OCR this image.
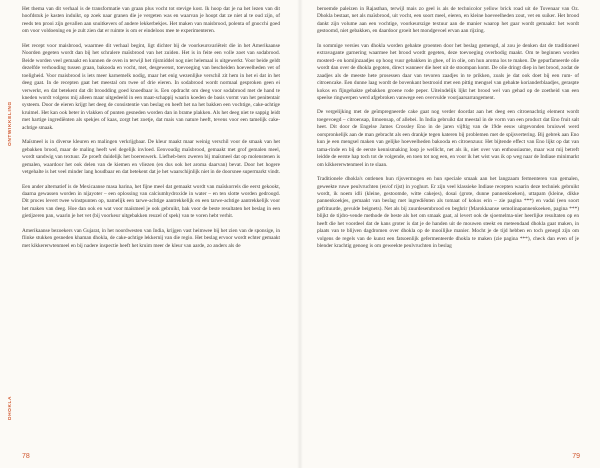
ONTWIKKELING
DHOKLA

Het thema van dit verhaal is de transformatie van graan plus vocht tot stevige kost. Ik hoop dat je na het lezen van dit hoofdstuk je kasten induikt, op zoek naar granen die je vergeten was en waarvan je hoopt dat ze niet al te oud zijn, of reeds ten prooi zijn gevallen aan snuitkevers of andere lekkerbekjes. Het maken van maisbrood, polenta of gnocchi goed om voor voldoening en je zult zien dat er ruimte is om er eindeloos mee te experimenteren.

Het recept voor maisbrood, waarmee dit verhaal begint, ligt dichter bij de voorkeursvariëteit die in het Amerikaanse Noorden gegeten wordt dan bij het schralere maïsbrood van het zuiden. Het is in feite een volle zoet van sodabrood. Beide worden veel gemaakt en kunnen de oven in terwijl het rijsmiddel nog niet helemaal is uitgewerkt. Voor beide geldt dezelfde verhouding tussen graan, bakooda en vocht, met, desgewenst, toevoeging van bescheiden hoeveelheden vet of toeligheid. Voor maisbrood is iets meer karnemelk nodig, maar het enig wezenlijke verschil zit hem in het ei dat in het deeg gaat. In de recepten gaat het meestal om twee of drie eieren. In sodabrood wordt normaal gesproken geen ei verwerkt, en dat betekent dat dit broodding goed knoedbaar is. Een opdracht om deeg voor sodabrood met de hand te kneden wordt volgens mij alleen maar uitgedeeld in een maat-schappij waarin koeden de basis vormt van het penitentair systeem. Door de eieren krijgt het deeg de consistentie van beslag en heeft het na het bakken een vochtige, cake-achtige kruimel. Het kan ook beter in vlakken of punten gesneden worden dan in brame plakken. Als het deeg niet te sappig leidt met hartige ingrediënten als spekjes of kaas, zorgt het zoetje, dat mais van nature heeft, tevens voor een tamelijk cake-achtige smaak.

Maïsmeel is in diverse kleuren en malingen verkrijgbaar. De kleur maakt maar weinig verschil voor de smaak van het gebakken brood, maar de maling heeft wel degelijk invloed. Eenvoudig maïsbrood, gemaakt met grof gemalen meel, wordt sandwig van textuur. Ze proeft duidelijk het boerenwerk. Liefheb-bers zweren bij maïsmeel dat op molenstenen is gemalen, waardoor het ook delen van de kiemen en vliezen (en dus ook het aroma daarvan) bevat. Door het hogere vetgehalte is het veel minder lang houdbaar en dat betekent dat je het waarschijnlijk niet in de doorsnee supermarkt vindt.

Een ander alternatief is de Mexicaanse masa harina, het fijne meel dat gemaakt wordt van maïskorrels die eerst gekookt, daarna gewassen worden in nijayoter – een oplossing van calciumhydroxide in water – en ten slotte worden gedroogd. Dit proces levert twee winstpunten op, namelijk een tarwe-achtige aantrekkelijk en een tarwe-achtige aantrekkelijk voor het maken van deeg. Hoe dan ook en wat voor maïsmeel je ook gebruikt, bak voor de beste resultaten het beslag in een gietijzeren pan, waarin je het vet (bij voorkeur uitgebakken reuzel of spek) van te voren hebt verhit.

Amerikaanse bezoekers van Gujarat, in het noordwesten van India, krijgen vast heimwee bij het zien van de sponsige, in flinke stukken gesneden khaman dhokla, de cake-achtige lekkernij van die regio. Het beslag ervoor wordt echter gemaakt met kikkererwtenmeel en bij nadere inspectie heeft het kruim meer de kleur van aarde, zo anders als de

78

beroemde paleizen in Rajasthan, terwijl mais zo geel is als de technicolor yellow brick road uit de Tovenaar van Oz. Dhokla bestaat, net als maïsbrood, uit vocht, een soort meel, eieren, en kleine hoeveelheden zout, vet en suiker. Het brood dankt zijn volume aan een vochtige, voorkeurszige textuur aan de manier waarop het gaar wordt gemaakt: het wordt gestoomd, niet gebakken, en daardoor groeit het mondgevoel ervan aan rijzing.

In sommige versies van dhokla worden gehakte groenten door het beslag gemengd, al zou je denken dat de traditioneel extravagante garnering waarmee het brood wordt gegeten, deze toevoeging overbodig maakt. Om te beginnen worden mosterd- en komijnzaadjes op hoog vuur gebakken in ghee, of in olie, om hun aroma los te maken. De gepurfameerde olie wordt dan over de dhokla gegoten, direct wanneer die heet uit de stoompan komt. De olie dringt diep in het brood, zodat de zaadjes als de meeste hete prosessen daar van tevoren zaadjes in te prikken, zoals je dat ook doet bij een rum- of citroencake. Een dunne laag wordt de bovenkant bestrooid met een pittig mengsel van gehakte korianderblaadjes, geraspte kokos en fijngehakte gebakken groene rode peper. Uiteindelijk lijkt het brood wel van gehad op de zoetheid van een speelse ringwerpen werd afgebroken vanwege een overvulde voorjaarsarrangement.

De vergelijking met de geïmpregneerde cake gaat nog verder doordat aan het deeg een citroenachtig element wordt toegevoegd – citroensap, limoensap, of allebei. In India gebruikt dat meestal in de vorm van een product dat Eno fruit salt heet. Dit door de Engelse James Crossley Eno in de jaren vijftig van de 19de eeuw uitgevonden bruiswel werd oorspronkelijk aan de man gebracht als een drankje tegen kateren bij problemen met de spijsvertering. Bij gebrek aan Eno kun je een mengsel maken van gelijke hoeveelheden bakooda en citroenzuur. Het bijtende effect van Eno lijkt op dat van tama-rinde en bij de eerste kennismaking loop je wellicht, net als ik, niet over van enthousiasme, maar wat mij betreft leidde de eerste hap toch tot de volgende, en toen tot nog een, en voor ik het wist was ik op weg naar de Indiase minimarkt om kikkererwtenmeel in te slaan.

Traditionele dhokla's ontlenen hun rijsvermogen en hun speciale smaak aan het langzaam fermenteren van gemalen, geweekte ruwe peulvruchten (en/of rijst) in yoghurt. Er zijn veel klassieke Indiase recepten waarin deze techniek gebruikt wordt, ik noem idli (kleine, gestoomde, witte cakejes), dosai (grote, dunne pannenkoeken), uttapam (kleine, dikke pannenkoekjes, gemaakt van beslag met ingrediënten als tomaat of kokos erin – zie pagina ***) en vadai (een soort gefrituurde, gevulde beignets). Net als bij zuurdesembrood en beghrir (Marokkaanse semolinapannenkoeken, pagina ***) blijkt de tijdro-vende methode de beste als het om smaak gaat, al levert ook de sjoemelma-nier heerlijke resultaten op en heeft die het voordeel dat de kans groter is dat je de handen uit de mouwen steekt en meteendaad dhokla gaat maken, in plaats van te blijven dagdromen over dhokla op de mooilijke manier. Mocht je de tijd hebben en toch genegd zijn om volgens de regels van de kunst een fatsoenlijk gefermenteerde dhokla te maken (zie pagina ***), check dan even of je blender krachtig genoeg is om geweekte peulvruchten in beslag

79
